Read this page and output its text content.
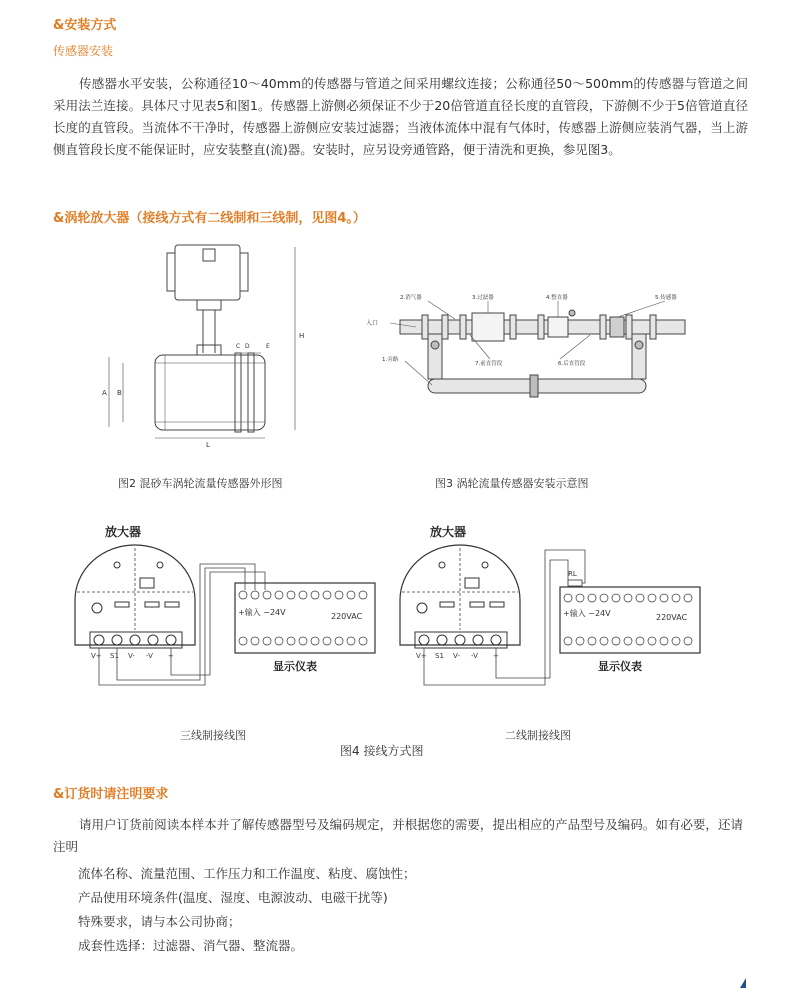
&安装方式
传感器安装
传感器水平安装，公称通径10～40mm的传感器与管道之间采用螺纹连接；公称通径50～500mm的传感器与管道之间采用法兰连接。具体尺寸见表5和图1。传感器上游侧必须保证不少于20倍管道直径长度的直管段，下游侧不少于5倍管道直径长度的直管段。当流体不干净时，传感器上游侧应安装过滤器；当液体流体中混有气体时，传感器上游侧应装消气器，当上游侧直管段长度不能保证时，应安装整直(流)器。安装时，应另设旁通管路，便于清洗和更换，参见图3。
&涡轮放大器（接线方式有二线制和三线制，见图4。）
H
A B
C D	E
L
图2 混砂车涡轮流量传感器外形图
入口
2.消气器	3.过滤器	4.整直器	5.传感器
1.旁路
7.前直管段	6.后直管段
图3 涡轮流量传感器安装示意图
放大器
V+ S1 V- -V +
+输入 −24V	220VAC
显示仪表
三线制接线图
放大器
V+ S1 V- -V +
RL
+输入 −24V	220VAC
显示仪表
二线制接线图
图4 接线方式图
&订货时请注明要求
请用户订货前阅读本样本并了解传感器型号及编码规定，并根据您的需要，提出相应的产品型号及编码。如有必要，还请注明
流体名称、流量范围、工作压力和工作温度、粘度、腐蚀性；
产品使用环境条件(温度、湿度、电源波动、电磁干扰等)
特殊要求，请与本公司协商；
成套性选择：过滤器、消气器、整流器。
